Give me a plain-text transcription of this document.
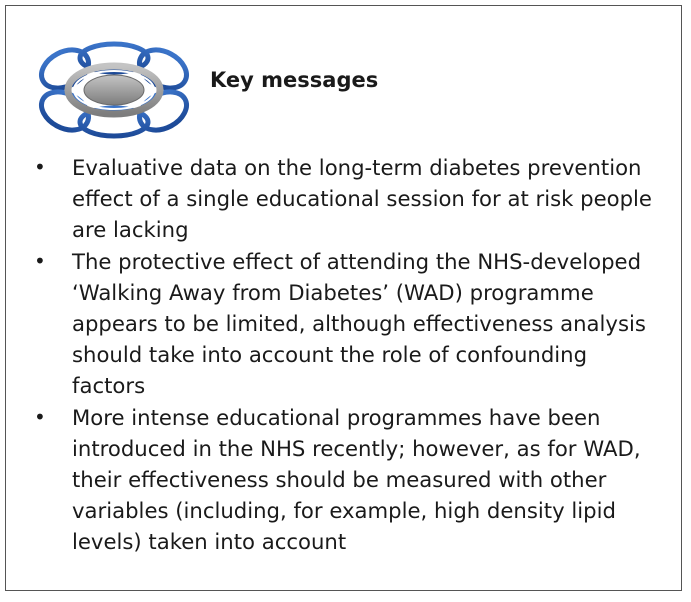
Key messages
• Evaluative data on the long-term diabetes prevention effect of a single educational session for at risk people are lacking
• The protective effect of attending the NHS-developed ‘Walking Away from Diabetes’ (WAD) programme appears to be limited, although effectiveness analysis should take into account the role of confounding factors
• More intense educational programmes have been introduced in the NHS recently; however, as for WAD, their effectiveness should be measured with other variables (including, for example, high density lipid levels) taken into account
